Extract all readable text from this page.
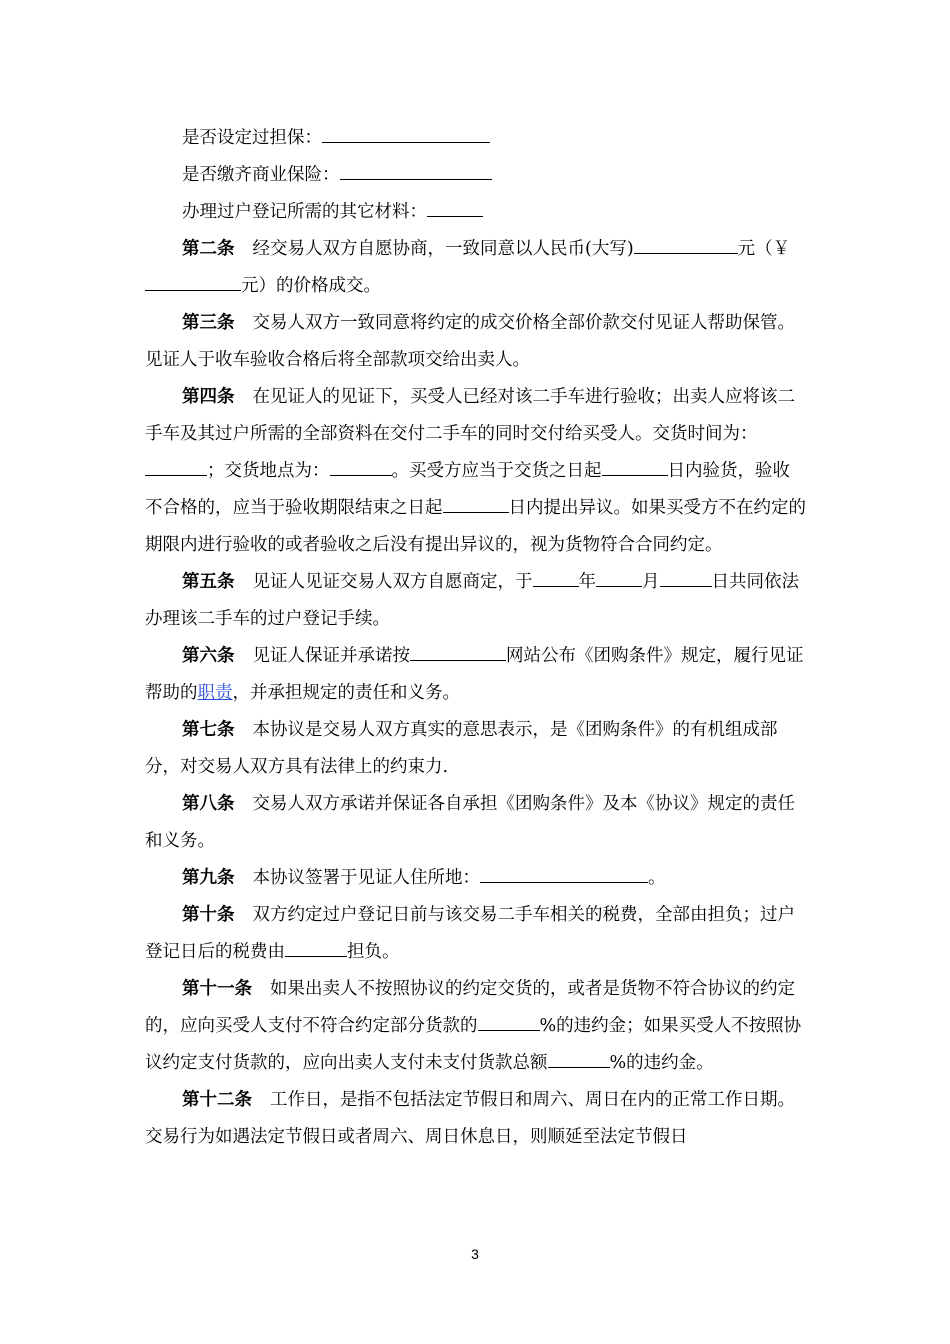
是否设定过担保：

是否缴齐商业保险：

办理过户登记所需的其它材料：

第二条 经交易人双方自愿协商，一致同意以人民币(大写)	元（￥元）的价格成交。

第三条 交易人双方一致同意将约定的成交价格全部价款交付见证人帮助保管。见证人于收车验收合格后将全部款项交给出卖人。

第四条 在见证人的见证下，买受人已经对该二手车进行验收；出卖人应将该二手车及其过户所需的全部资料在交付二手车的同时交付给买受人。交货时间为：；交货地点为：	。买受方应当于交货之日起	日内验货，验收不合格的，应当于验收期限结束之日起	日内提出异议。如果买受方不在约定的期限内进行验收的或者验收之后没有提出异议的，视为货物符合合同约定。

第五条 见证人见证交易人双方自愿商定，于	年	月	日共同依法办理该二手车的过户登记手续。

第六条 见证人保证并承诺按	网站公布《团购条件》规定，履行见证帮助的职责，并承担规定的责任和义务。

第七条 本协议是交易人双方真实的意思表示，是《团购条件》的有机组成部分，对交易人双方具有法律上的约束力.

第八条 交易人双方承诺并保证各自承担《团购条件》及本《协议》规定的责任和义务。

第九条 本协议签署于见证人住所地：	。

第十条 双方约定过户登记日前与该交易二手车相关的税费，全部由担负；过户登记日后的税费由	担负。

第十一条 如果出卖人不按照协议的约定交货的，或者是货物不符合协议的约定的，应向买受人支付不符合约定部分货款的	%的违约金；如果买受人不按照协议约定支付货款的，应向出卖人支付未支付货款总额	%的违约金。

第十二条 工作日，是指不包括法定节假日和周六、周日在内的正常工作日期。交易行为如遇法定节假日或者周六、周日休息日，则顺延至法定节假日

3
